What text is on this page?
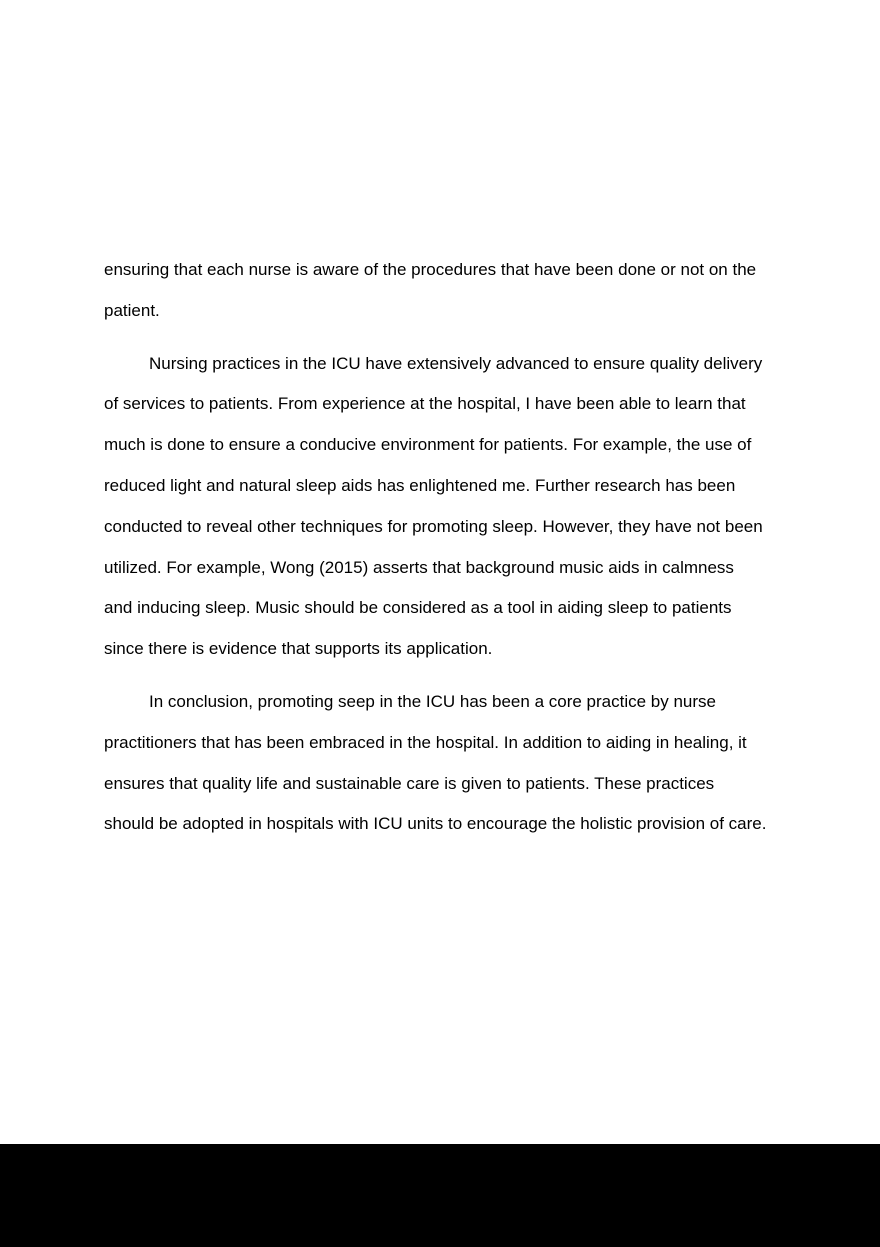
ensuring that each nurse is aware of the procedures that have been done or not on the
patient.

Nursing practices in the ICU have extensively advanced to ensure quality delivery
of services to patients. From experience at the hospital, I have been able to learn that
much is done to ensure a conducive environment for patients. For example, the use of
reduced light and natural sleep aids has enlightened me. Further research has been
conducted to reveal other techniques for promoting sleep. However, they have not been
utilized. For example, Wong (2015) asserts that background music aids in calmness
and inducing sleep. Music should be considered as a tool in aiding sleep to patients
since there is evidence that supports its application.

In conclusion, promoting seep in the ICU has been a core practice by nurse
practitioners that has been embraced in the hospital. In addition to aiding in healing, it
ensures that quality life and sustainable care is given to patients. These practices
should be adopted in hospitals with ICU units to encourage the holistic provision of care.
